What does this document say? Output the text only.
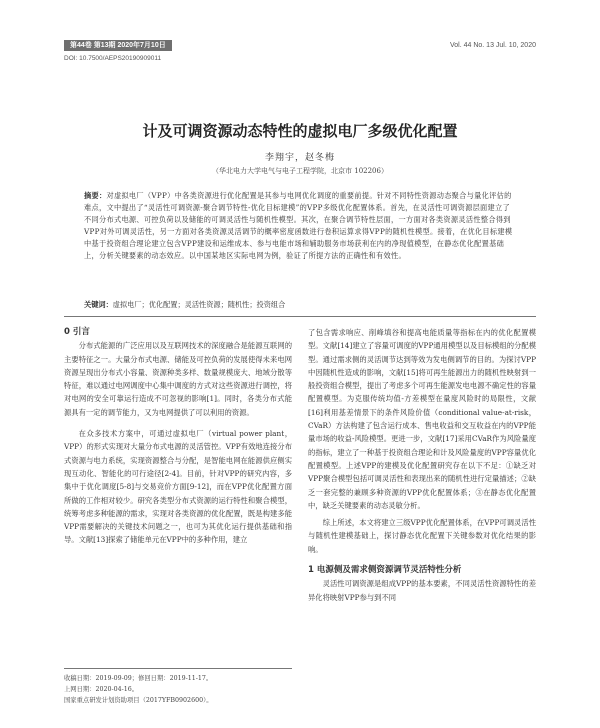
第44卷 第13期 2020年7月10日	Vol. 44 No. 13 Jul. 10, 2020
DOI: 10.7500/AEPS20190909011
计及可调资源动态特性的虚拟电厂多级优化配置
李翔宇，赵冬梅
（华北电力大学电气与电子工程学院，北京市 102206）
摘要：对虚拟电厂（VPP）中各类资源进行优化配置是其参与电网优化调度的重要前提。针对不同特性资源动态聚合与量化评估的难点，文中提出了“灵活性可调资源-聚合调节特性-优化目标建模”的VPP多级优化配置体系。首先，在灵活性可调资源层面建立了不同分布式电源、可控负荷以及储能的可调灵活性与随机性模型。其次，在聚合调节特性层面，一方面对各类资源灵活性整合得到VPP对外可调灵活性，另一方面对各类资源灵活调节的概率密度函数进行卷积运算求得VPP的随机性模型。接着，在优化目标建模中基于投资组合理论建立包含VPP建设和运维成本、参与电能市场和辅助服务市场获利在内的净现值模型，在静态优化配置基础上，分析关键要素的动态效应。以中国某地区实际电网为例，验证了所提方法的正确性和有效性。
关键词：虚拟电厂；优化配置；灵活性资源；随机性；投资组合

0 引言

分布式能源的广泛应用以及互联网技术的深度融合是能源互联网的主要特征之一。大量分布式电源、储能及可控负荷的发展使得未来电网资源呈现出分布式小容量、资源种类多样、数量规模庞大、地域分散等特征，难以通过电网调度中心集中调度的方式对这些资源进行调控，将对电网的安全可靠运行造成不可忽视的影响[1]。同时，各类分布式能源具有一定的调节能力，又为电网提供了可以利用的资源。

在众多技术方案中，可通过虚拟电厂（virtual power plant，VPP）的形式实现对大量分布式电源的灵活管控。VPP有效地连接分布式资源与电力系统，实现资源整合与分配，是智能电网在能源供应侧实现互动化、智能化的可行途径[2-4]。目前，针对VPP的研究内容，多集中于优化调度[5-8]与交易竞价方面[9-12]，而在VPP优化配置方面所做的工作相对较少。研究各类型分布式资源的运行特性和聚合模型，统筹考虑多种能源的需求，实现对各类资源的优化配置，既是构建多能VPP需要解决的关键技术问题之一，也可为其优化运行提供基础和指导。文献[13]探索了储能单元在VPP中的多种作用，建立

了包含需求响应、削峰填谷和提高电能质量等指标在内的优化配置模型。文献[14]建立了容量可调度的VPP通用模型以及目标模组的分配模型。通过需求侧的灵活调节达到等效为发电侧调节的目的。为探讨VPP中因随机性造成的影响，文献[15]将可再生能源出力的随机性映射到一般投资组合模型，提出了考虑多个可再生能源发电电源不确定性的容量配置模型。为克服传统均值-方差模型在量度风险时的局限性，文献[16]利用基差情景下的条件风险价值（conditional value-at-risk，CVaR）方法构建了包含运行成本、售电收益和交互收益在内的VPP能量市场的收益-风险模型。更进一步，文献[17]采用CVaR作为风险量度的指标，建立了一种基于投资组合理论和计及风险量度的VPP容量优化配置模型。上述VPP的建模及优化配置研究存在以下不足：①缺乏对VPP聚合模型包括可调灵活性和表现出来的随机性进行定量描述；②缺乏一套完整的兼顾多种资源的VPP优化配置体系；③在静态优化配置中，缺乏关键要素的动态灵敏分析。

综上所述，本文将建立三级VPP优化配置体系，在VPP可调灵活性与随机性建模基础上，探讨静态优化配置下关键参数对优化结果的影响。

1 电源侧及需求侧资源调节灵活特性分析

灵活性可调资源是组成VPP的基本要素，不同灵活性资源特性的差异化将映射VPP参与到不同

收稿日期：2019-09-09；修回日期：2019-11-17。
上网日期：2020-04-16。
国家重点研发计划资助项目（2017YFB0902600）。
